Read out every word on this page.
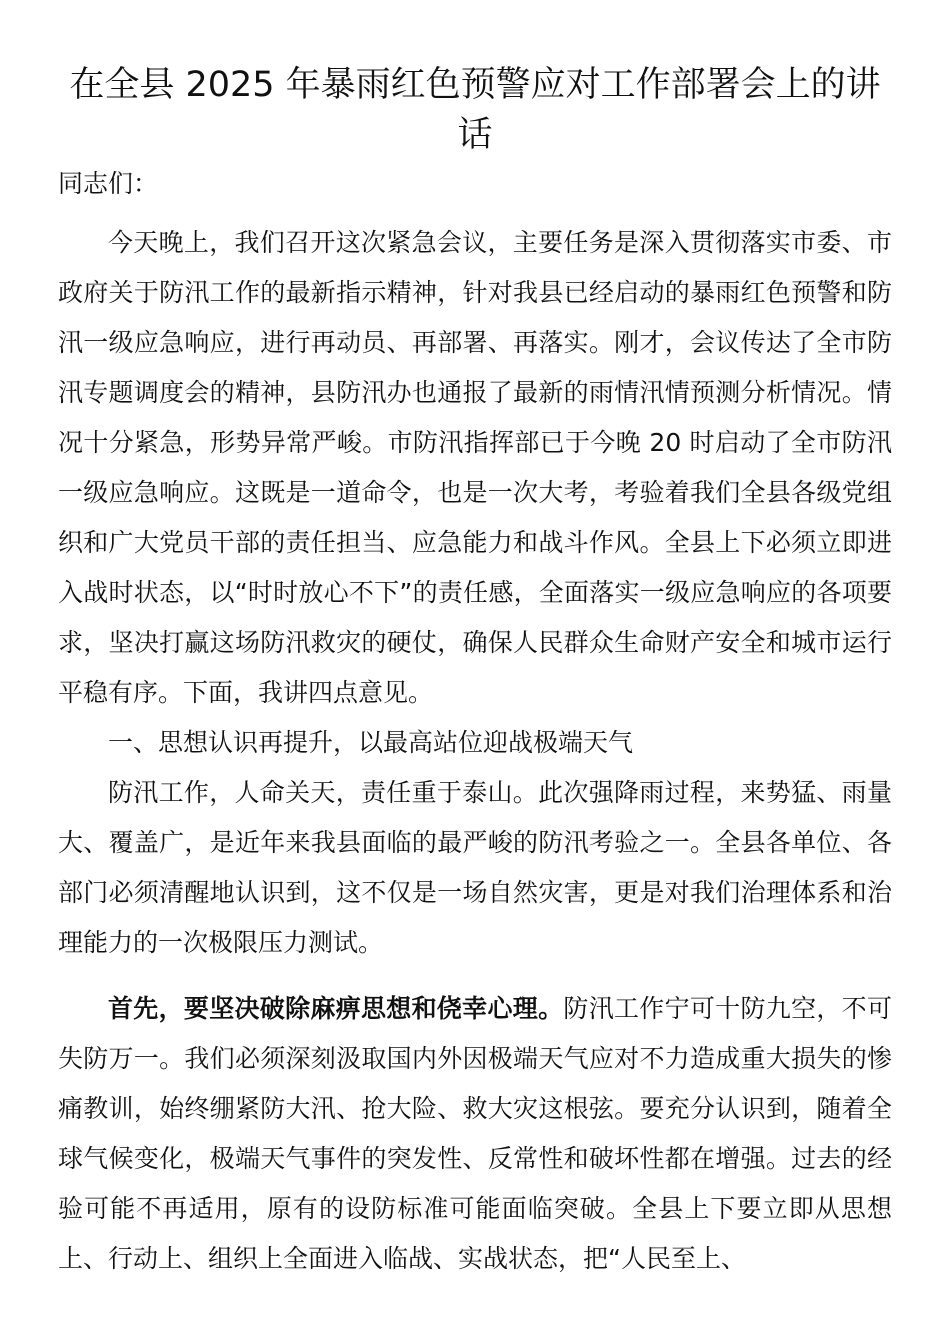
在全县 2025 年暴雨红色预警应对工作部署会上的讲话

同志们：

今天晚上，我们召开这次紧急会议，主要任务是深入贯彻落实市委、市政府关于防汛工作的最新指示精神，针对我县已经启动的暴雨红色预警和防汛一级应急响应，进行再动员、再部署、再落实。刚才，会议传达了全市防汛专题调度会的精神，县防汛办也通报了最新的雨情汛情预测分析情况。情况十分紧急，形势异常严峻。市防汛指挥部已于今晚 20 时启动了全市防汛一级应急响应。这既是一道命令，也是一次大考，考验着我们全县各级党组织和广大党员干部的责任担当、应急能力和战斗作风。全县上下必须立即进入战时状态，以“时时放心不下”的责任感，全面落实一级应急响应的各项要求，坚决打赢这场防汛救灾的硬仗，确保人民群众生命财产安全和城市运行平稳有序。下面，我讲四点意见。

一、思想认识再提升，以最高站位迎战极端天气

防汛工作，人命关天，责任重于泰山。此次强降雨过程，来势猛、雨量大、覆盖广，是近年来我县面临的最严峻的防汛考验之一。全县各单位、各部门必须清醒地认识到，这不仅是一场自然灾害，更是对我们治理体系和治理能力的一次极限压力测试。

首先，要坚决破除麻痹思想和侥幸心理。防汛工作宁可十防九空，不可失防万一。我们必须深刻汲取国内外因极端天气应对不力造成重大损失的惨痛教训，始终绷紧防大汛、抢大险、救大灾这根弦。要充分认识到，随着全球气候变化，极端天气事件的突发性、反常性和破坏性都在增强。过去的经验可能不再适用，原有的设防标准可能面临突破。全县上下要立即从思想上、行动上、组织上全面进入临战、实战状态，把“人民至上、
